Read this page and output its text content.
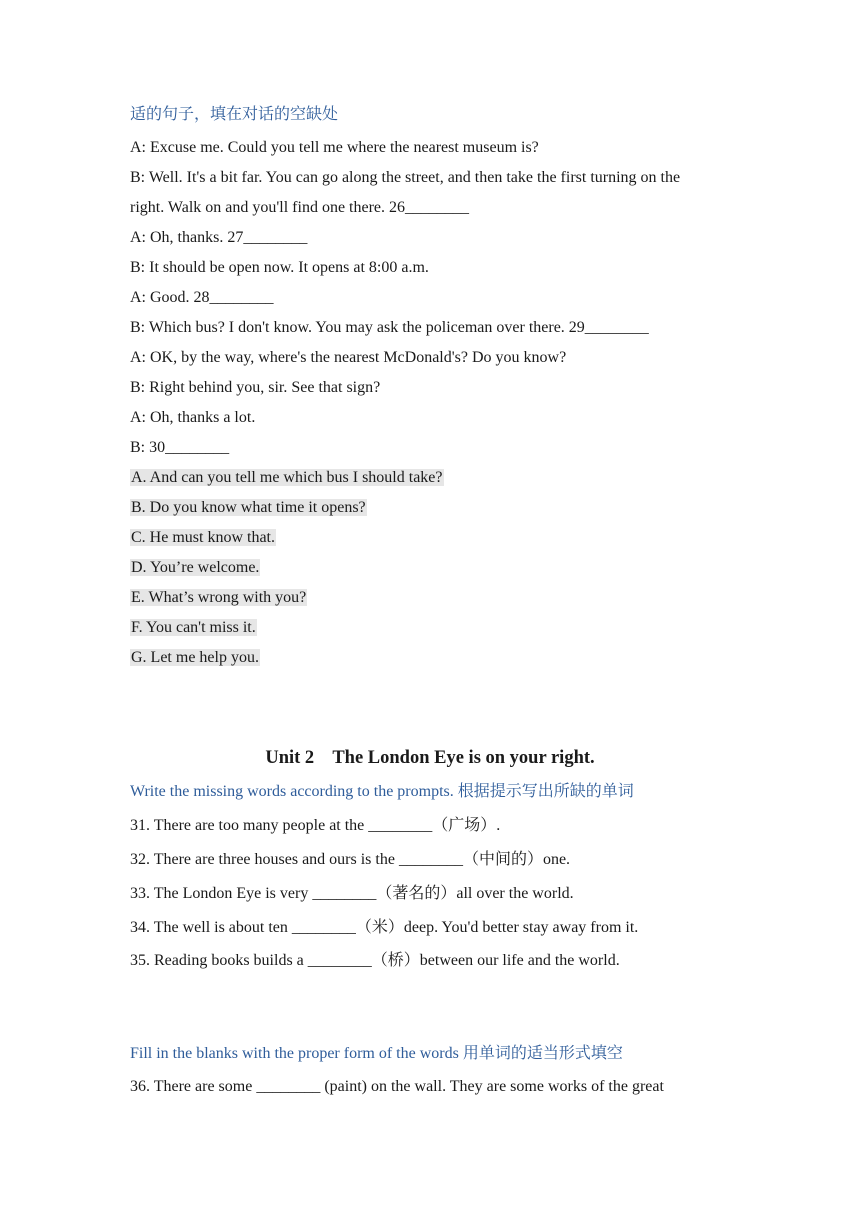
适的句子，填在对话的空缺处
A: Excuse me. Could you tell me where the nearest museum is?
B: Well. It's a bit far. You can go along the street, and then take the first turning on the
right. Walk on and you'll find one there. 26________
A: Oh, thanks. 27________
B: It should be open now. It opens at 8:00 a.m.
A: Good. 28________
B: Which bus? I don't know. You may ask the policeman over there. 29________
A: OK, by the way, where's the nearest McDonald's? Do you know?
B: Right behind you, sir. See that sign?
A: Oh, thanks a lot.
B: 30________
A. And can you tell me which bus I should take?
B. Do you know what time it opens?
C. He must know that.
D. You’re welcome.
E. What’s wrong with you?
F. You can't miss it.
G. Let me help you.
Unit 2    The London Eye is on your right.
Write the missing words according to the prompts. 根据提示写出所缺的单词
31. There are too many people at the ________（广场）.
32. There are three houses and ours is the ________（中间的）one.
33. The London Eye is very ________（著名的）all over the world.
34. The well is about ten ________（米）deep. You'd better stay away from it.
35. Reading books builds a ________（桥）between our life and the world.
Fill in the blanks with the proper form of the words 用单词的适当形式填空
36. There are some ________ (paint) on the wall. They are some works of the great
